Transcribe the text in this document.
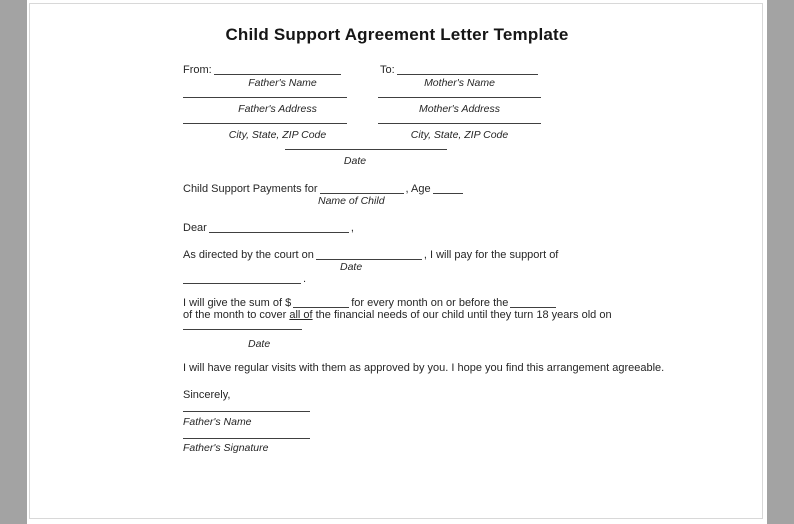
Child Support Agreement Letter Template
From:	To:
Father's Name	Mother's Name
Father's Address	Mother's Address
City, State, ZIP Code	City, State, ZIP Code
Date
Child Support Payments for	, Age
Name of Child
Dear	,
As directed by the court on	, I will pay for the support of
Date
.
I will give the sum of $	for every month on or before the
of the month to cover all of the financial needs of our child until they turn 18 years old on
Date
I will have regular visits with them as approved by you. I hope you find this arrangement agreeable.
Sincerely,
Father's Name
Father's Signature
